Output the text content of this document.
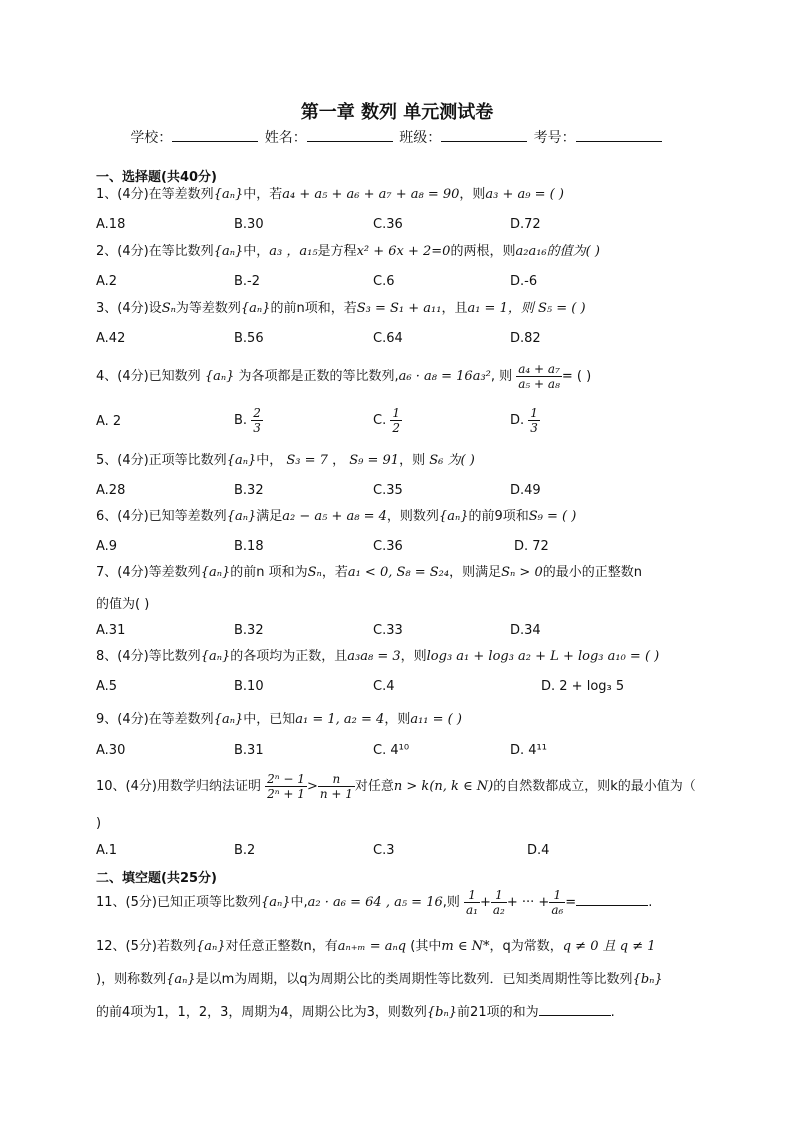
第一章 数列 单元测试卷
学校：	姓名：	班级：	考号：
一、选择题(共40分)
1、(4分)在等差数列{aₙ}中，若a₄ + a₅ + a₆ + a₇ + a₈ = 90，则a₃ + a₉ = ( )
A.18	B.30	C.36	D.72
2、(4分)在等比数列{aₙ}中，a₃ ，a₁₅是方程x² + 6x + 2=0的两根，则a₂a₁₆的值为( )
A.2	B.-2	C.6	D.-6
3、(4分)设Sₙ为等差数列{aₙ}的前n项和，若S₃ = S₁ + a₁₁，且a₁ = 1，则 S₅ = ( )
A.42	B.56	C.64	D.82
4、(4分)已知数列 {aₙ} 为各项都是正数的等比数列,a₆ · a₈ = 16a₃², 则 $\frac{\text{a₄ + a₇}}{\text{a₅ + a₈}}$ = ( )
A. 2	B. $\frac{2}{3}$	C. $\frac{1}{2}$	D. $\frac{1}{3}$
5、(4分)正项等比数列{aₙ}中， S₃ = 7 ， S₉ = 91，则 S₆ 为( )
A.28	B.32	C.35	D.49
6、(4分)已知等差数列{aₙ}满足a₂ − a₅ + a₈ = 4，则数列{aₙ}的前9项和S₉ = ( )
A.9	B.18	C.36	D. 72
7、(4分)等差数列{aₙ}的前n 项和为Sₙ，若a₁ < 0, S₈ = S₂₄，则满足Sₙ > 0的最小的正整数n
的值为( )
A.31	B.32	C.33	D.34
8、(4分)等比数列{aₙ}的各项均为正数，且a₃a₈ = 3，则log₃ a₁ + log₃ a₂ + L + log₃ a₁₀ = ( )
A.5	B.10	C.4	D. 2 + log₃ 5
9、(4分)在等差数列{aₙ}中，已知a₁ = 1, a₂ = 4，则a₁₁ = ( )
A.30	B.31	C. 4¹⁰	D. 4¹¹
10、(4分)用数学归纳法证明 $\frac{\text{2ⁿ − 1}}{\text{2ⁿ + 1}} > \frac{n}{n + 1}$ 对任意n > k(n, k ∈ N)的自然数都成立，则k的最小值为（
)
A.1	B.2	C.3	D.4
二、填空题(共25分)
11、(5分)已知正项等比数列{aₙ}中,a₂ · a₆ = 64 , a₅ = 16,则 $\frac{1}{\text{a₁}} + \frac{1}{\text{a₂}}$ + ··· + $\frac{1}{\text{a₆}}$ =	.
12、(5分)若数列{aₙ}对任意正整数n，有aₙ₊ₘ = aₙq (其中m ∈ N*，q为常数，q ≠ 0 且 q ≠ 1
)，则称数列{aₙ}是以m为周期，以q为周期公比的类周期性等比数列．已知类周期性等比数列{bₙ}
的前4项为1，1，2，3，周期为4，周期公比为3，则数列{bₙ}前21项的和为	.
